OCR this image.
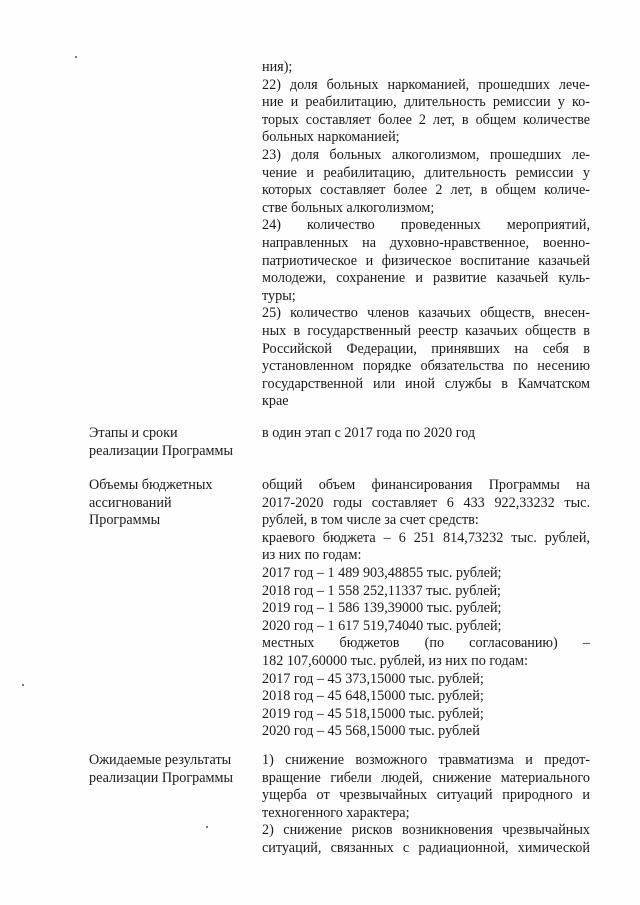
ния);
22) доля больных наркоманией, прошедших лече-
ние и реабилитацию, длительность ремиссии у ко-
торых составляет более 2 лет, в общем количестве
больных наркоманией;
23) доля больных алкоголизмом, прошедших ле-
чение и реабилитацию, длительность ремиссии у
которых составляет более 2 лет, в общем количе-
стве больных алкоголизмом;
24) количество проведенных мероприятий,
направленных на духовно-нравственное, военно-
патриотическое и физическое воспитание казачьей
молодежи, сохранение и развитие казачьей куль-
туры;
25) количество членов казачьих обществ, внесен-
ных в государственный реестр казачьих обществ в
Российской Федерации, принявших на себя в
установленном порядке обязательства по несению
государственной или иной службы в Камчатском
крае
Этапы и сроки
реализации Программы
в один этап с 2017 года по 2020 год
Объемы бюджетных
ассигнований
Программы
общий объем финансирования Программы на
2017-2020 годы составляет 6 433 922,33232 тыс.
рублей, в том числе за счет средств:
краевого бюджета – 6 251 814,73232 тыс. рублей,
из них по годам:
2017 год – 1 489 903,48855 тыс. рублей;
2018 год – 1 558 252,11337 тыс. рублей;
2019 год – 1 586 139,39000 тыс. рублей;
2020 год – 1 617 519,74040 тыс. рублей;
местных бюджетов (по согласованию) –
182 107,60000 тыс. рублей, из них по годам:
2017 год – 45 373,15000 тыс. рублей;
2018 год – 45 648,15000 тыс. рублей;
2019 год – 45 518,15000 тыс. рублей;
2020 год – 45 568,15000 тыс. рублей
Ожидаемые результаты
реализации Программы
1) снижение возможного травматизма и предот-
вращение гибели людей, снижение материального
ущерба от чрезвычайных ситуаций природного и
техногенного характера;
2) снижение рисков возникновения чрезвычайных
ситуаций, связанных с радиационной, химической
